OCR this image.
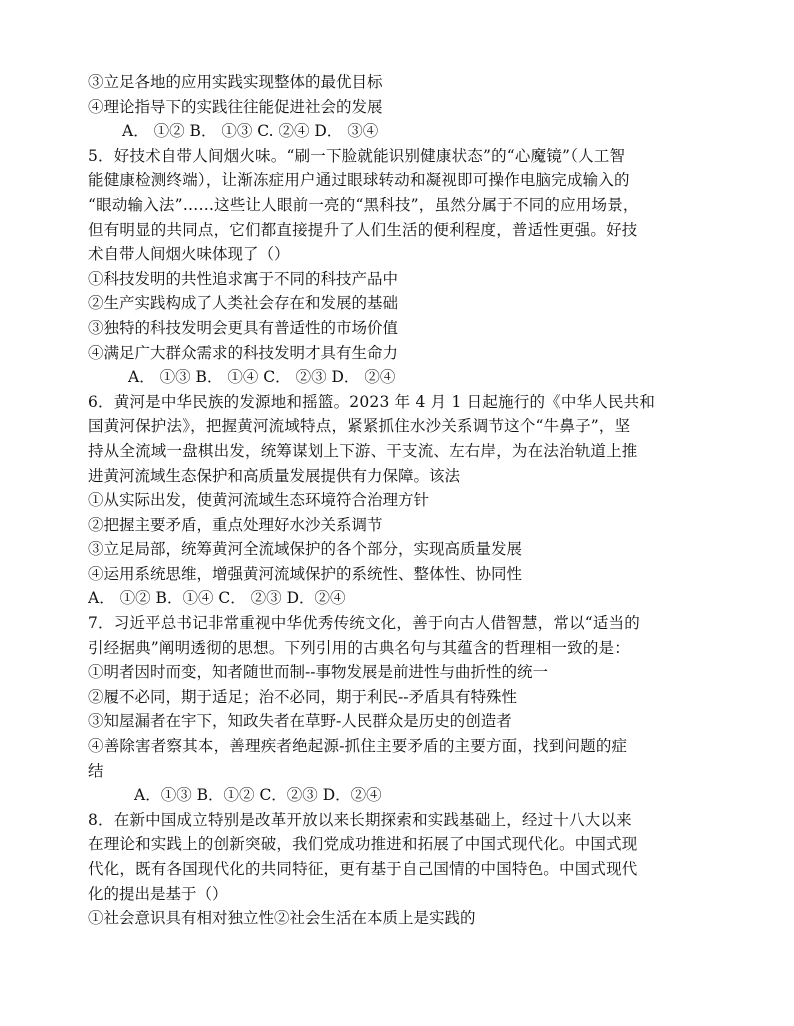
③立足各地的应用实践实现整体的最优目标
④理论指导下的实践往往能促进社会的发展
A． ①② B． ①③ C. ②④ D． ③④
5．好技术自带人间烟火味。“刷一下脸就能识别健康状态”的“心魔镜”（人工智
能健康检测终端），让渐冻症用户通过眼球转动和凝视即可操作电脑完成输入的
“眼动输入法”……这些让人眼前一亮的“黑科技”，虽然分属于不同的应用场景，
但有明显的共同点，它们都直接提升了人们生活的便利程度，普适性更强。好技
术自带人间烟火味体现了（）
①科技发明的共性追求寓于不同的科技产品中
②生产实践构成了人类社会存在和发展的基础
③独特的科技发明会更具有普适性的市场价值
④满足广大群众需求的科技发明才具有生命力
A． ①③ B． ①④ C． ②③ D． ②④
6．黄河是中华民族的发源地和摇篮。2023 年 4 月 1 日起施行的《中华人民共和
国黄河保护法》，把握黄河流域特点，紧紧抓住水沙关系调节这个“牛鼻子”，坚
持从全流域一盘棋出发，统筹谋划上下游、干支流、左右岸，为在法治轨道上推
进黄河流域生态保护和高质量发展提供有力保障。该法
①从实际出发，使黄河流域生态环境符合治理方针
②把握主要矛盾，重点处理好水沙关系调节
③立足局部，统筹黄河全流域保护的各个部分，实现高质量发展
④运用系统思维，增强黄河流域保护的系统性、整体性、协同性
A． ①② B．①④ C． ②③ D．②④
7．习近平总书记非常重视中华优秀传统文化，善于向古人借智慧，常以“适当的
引经据典”阐明透彻的思想。下列引用的古典名句与其蕴含的哲理相一致的是：
①明者因时而变，知者随世而制--事物发展是前进性与曲折性的统一
②履不必同，期于适足；治不必同，期于利民--矛盾具有特殊性
③知屋漏者在宇下，知政失者在草野-人民群众是历史的创造者
④善除害者察其本，善理疾者绝起源-抓住主要矛盾的主要方面，找到问题的症
结
A．①③ B．①② C．②③ D．②④
8．在新中国成立特别是改革开放以来长期探索和实践基础上，经过十八大以来
在理论和实践上的创新突破，我们党成功推进和拓展了中国式现代化。中国式现
代化，既有各国现代化的共同特征，更有基于自己国情的中国特色。中国式现代
化的提出是基于（）
①社会意识具有相对独立性②社会生活在本质上是实践的
